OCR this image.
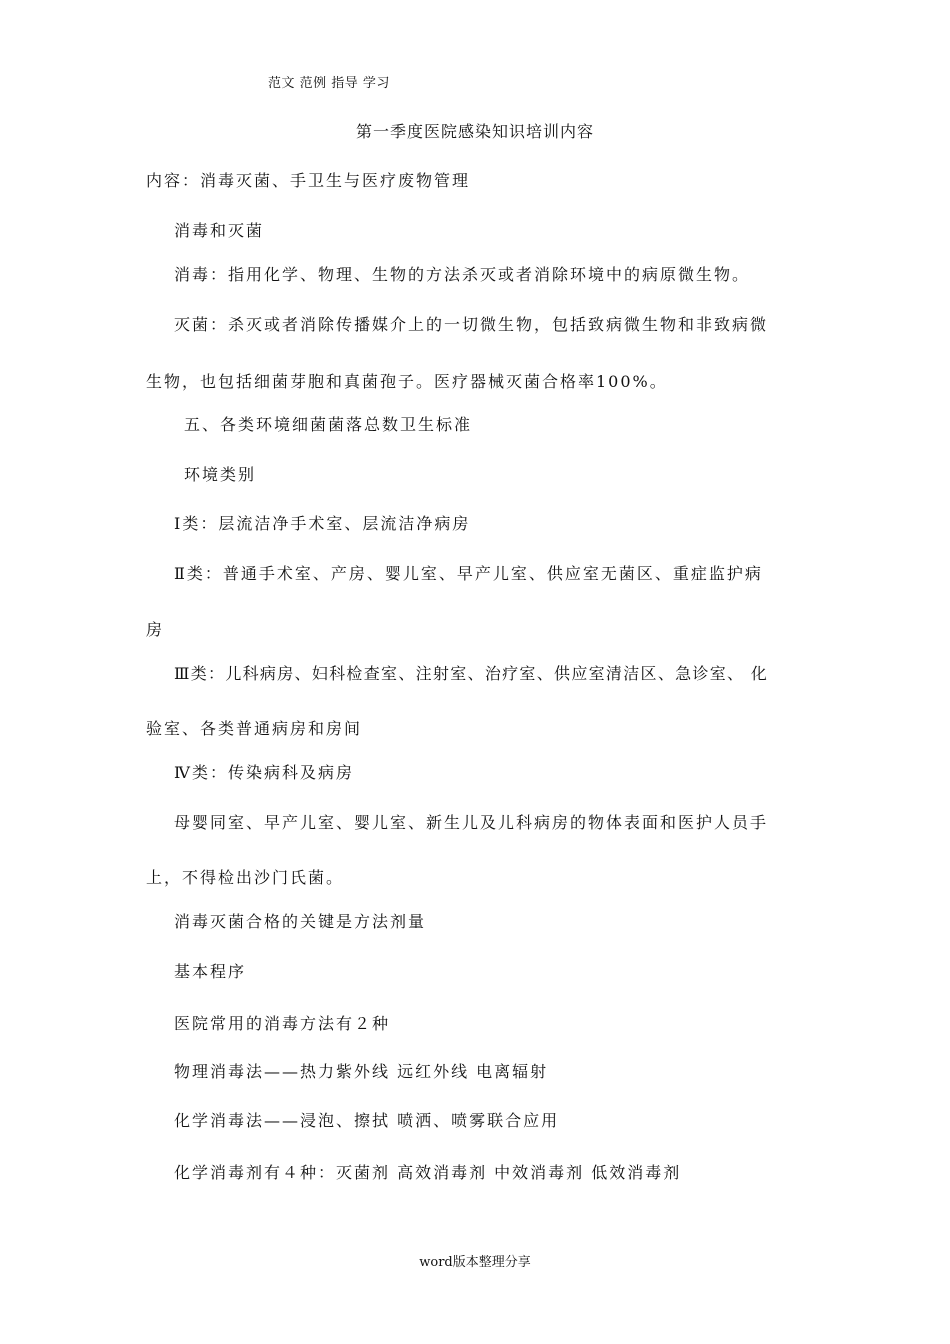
范文 范例 指导 学习
第一季度医院感染知识培训内容
内容：消毒灭菌、手卫生与医疗废物管理
消毒和灭菌
消毒：指用化学、物理、生物的方法杀灭或者消除环境中的病原微生物。
灭菌：杀灭或者消除传播媒介上的一切微生物，包括致病微生物和非致病微
生物，也包括细菌芽胞和真菌孢子。医疗器械灭菌合格率100%。
五、各类环境细菌菌落总数卫生标准
环境类别
Ⅰ类：层流洁净手术室、层流洁净病房
Ⅱ类：普通手术室、产房、婴儿室、早产儿室、供应室无菌区、重症监护病
房
Ⅲ类：儿科病房、妇科检查室、注射室、治疗室、供应室清洁区、急诊室、 化
验室、各类普通病房和房间
Ⅳ类：传染病科及病房
母婴同室、早产儿室、婴儿室、新生儿及儿科病房的物体表面和医护人员手
上，不得检出沙门氏菌。
消毒灭菌合格的关键是方法剂量
基本程序
医院常用的消毒方法有２种
物理消毒法——热力紫外线 远红外线 电离辐射
化学消毒法——浸泡、擦拭 喷洒、喷雾联合应用
化学消毒剂有４种：灭菌剂 高效消毒剂 中效消毒剂 低效消毒剂
word版本整理分享
